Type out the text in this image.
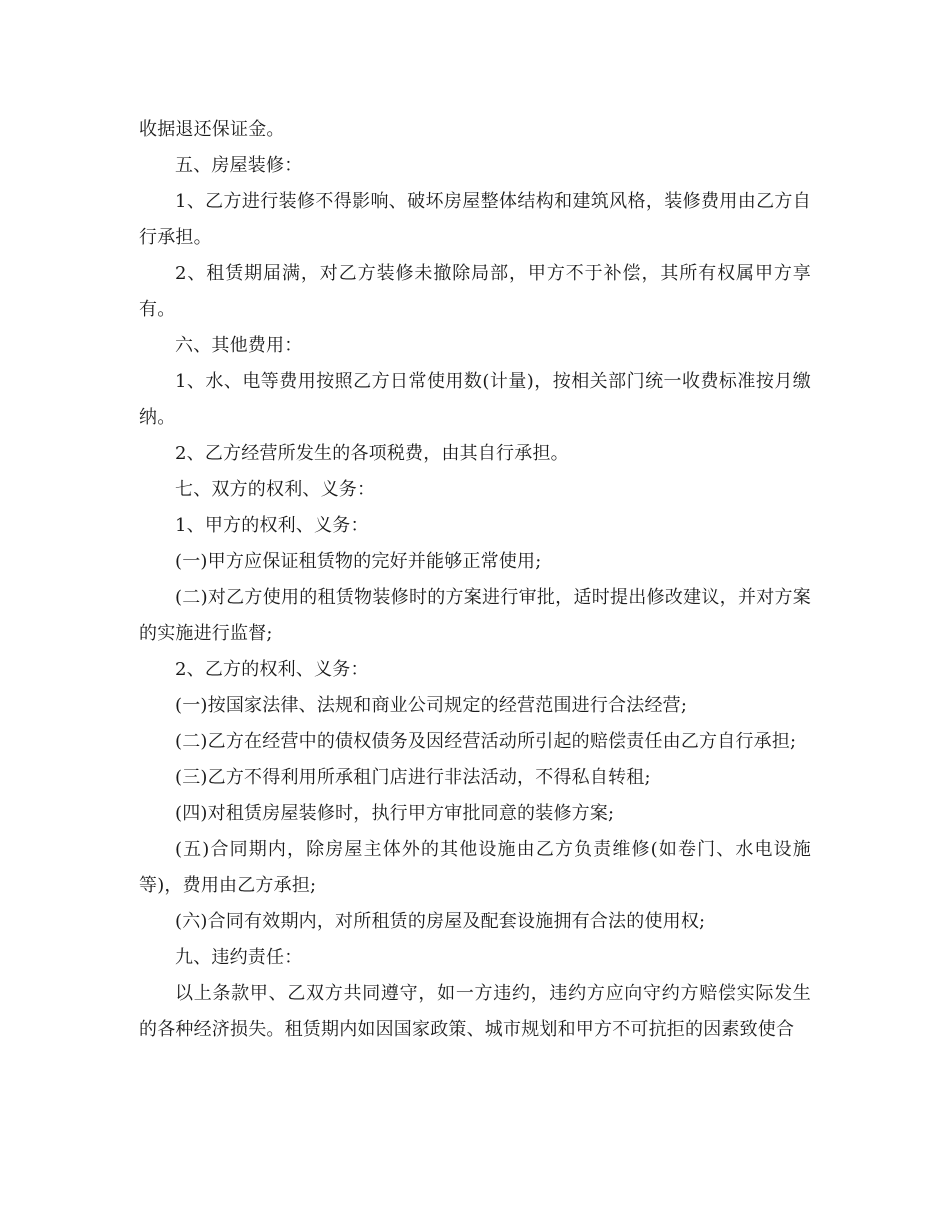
收据退还保证金。

五、房屋装修：

1、乙方进行装修不得影响、破坏房屋整体结构和建筑风格，装修费用由乙方自行承担。

2、租赁期届满，对乙方装修未撤除局部，甲方不于补偿，其所有权属甲方享有。

六、其他费用：

1、水、电等费用按照乙方日常使用数(计量)，按相关部门统一收费标准按月缴纳。

2、乙方经营所发生的各项税费，由其自行承担。

七、双方的权利、义务：

1、甲方的权利、义务：

(一)甲方应保证租赁物的完好并能够正常使用;

(二)对乙方使用的租赁物装修时的方案进行审批，适时提出修改建议，并对方案的实施进行监督;

2、乙方的权利、义务：

(一)按国家法律、法规和商业公司规定的经营范围进行合法经营;

(二)乙方在经营中的债权债务及因经营活动所引起的赔偿责任由乙方自行承担;

(三)乙方不得利用所承租门店进行非法活动，不得私自转租;

(四)对租赁房屋装修时，执行甲方审批同意的装修方案;

(五)合同期内，除房屋主体外的其他设施由乙方负责维修(如卷门、水电设施等)，费用由乙方承担;

(六)合同有效期内，对所租赁的房屋及配套设施拥有合法的使用权;

九、违约责任：

以上条款甲、乙双方共同遵守，如一方违约，违约方应向守约方赔偿实际发生的各种经济损失。租赁期内如因国家政策、城市规划和甲方不可抗拒的因素致使合
